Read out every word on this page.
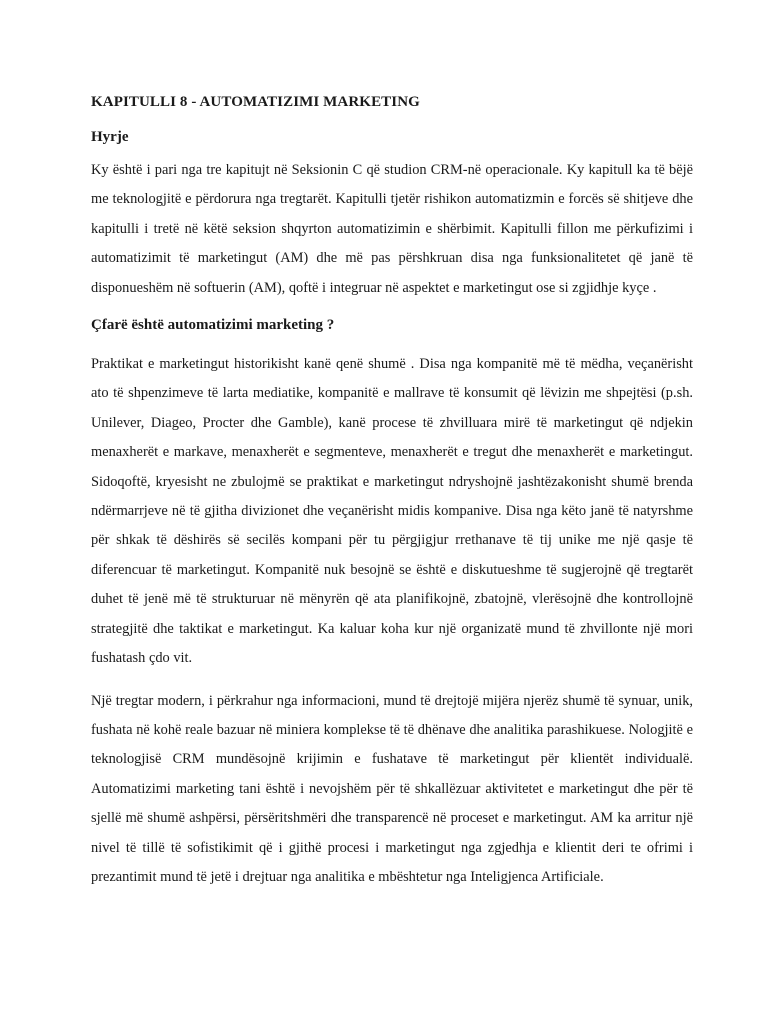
KAPITULLI 8 - AUTOMATIZIMI MARKETING
Hyrje

Ky është i pari nga tre kapitujt në Seksionin C që studion CRM-në operacionale. Ky kapitull ka të bëjë me teknologjitë e përdorura nga tregtarët. Kapitulli tjetër rishikon automatizmin e forcës së shitjeve dhe kapitulli i tretë në këtë seksion shqyrton automatizimin e shërbimit. Kapitulli fillon me përkufizimi i automatizimit të marketingut (AM) dhe më pas përshkruan disa nga funksionalitetet që janë të disponueshëm në softuerin (AM), qoftë i integruar në aspektet e marketingut ose si zgjidhje kyçe .

Çfarë është automatizimi marketing ?

Praktikat e marketingut historikisht kanë qenë shumë . Disa nga kompanitë më të mëdha, veçanërisht ato të shpenzimeve të larta mediatike, kompanitë e mallrave të konsumit që lëvizin me shpejtësi (p.sh. Unilever, Diageo, Procter dhe Gamble), kanë procese të zhvilluara mirë të marketingut që ndjekin menaxherët e markave, menaxherët e segmenteve, menaxherët e tregut dhe menaxherët e marketingut. Sidoqoftë, kryesisht ne zbulojmë se praktikat e marketingut ndryshojnë jashtëzakonisht shumë brenda ndërmarrjeve në të gjitha divizionet dhe veçanërisht midis kompanive. Disa nga këto janë të natyrshme për shkak të dëshirës së secilës kompani për tu përgjigjur rrethanave të tij unike me një qasje të diferencuar të marketingut. Kompanitë nuk besojnë se është e diskutueshme të sugjerojnë që tregtarët duhet të jenë më të strukturuar në mënyrën që ata planifikojnë, zbatojnë, vlerësojnë dhe kontrollojnë strategjitë dhe taktikat e marketingut. Ka kaluar koha kur një organizatë mund të zhvillonte një mori fushatash çdo vit.

Një tregtar modern, i përkrahur nga informacioni, mund të drejtojë mijëra njerëz shumë të synuar, unik, fushata në kohë reale bazuar në miniera komplekse të të dhënave dhe analitika parashikuese. Nologjitë e teknologjisë CRM mundësojnë krijimin e fushatave të marketingut për klientët individualë. Automatizimi marketing tani është i nevojshëm për të shkallëzuar aktivitetet e marketingut dhe për të sjellë më shumë ashpërsi, përsëritshmëri dhe transparencë në proceset e marketingut. AM ka arritur një nivel të tillë të sofistikimit që i gjithë procesi i marketingut nga zgjedhja e klientit deri te ofrimi i prezantimit mund të jetë i drejtuar nga analitika e mbështetur nga Inteligjenca Artificiale.
